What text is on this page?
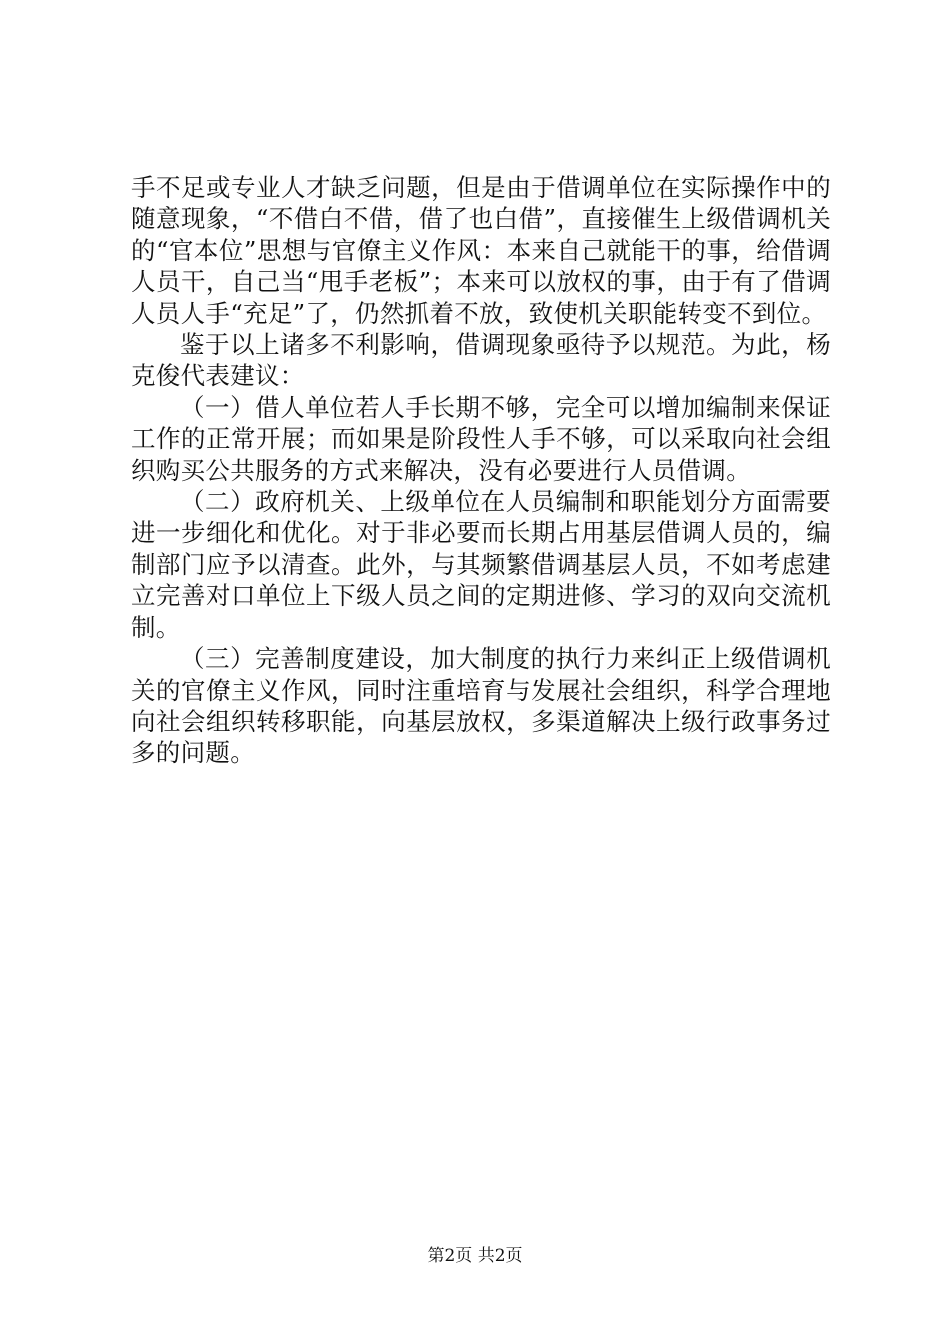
手不足或专业人才缺乏问题，但是由于借调单位在实际操作中的随意现象，“不借白不借，借了也白借”，直接催生上级借调机关的“官本位”思想与官僚主义作风：本来自己就能干的事，给借调人员干，自己当“甩手老板”；本来可以放权的事，由于有了借调人员人手“充足”了，仍然抓着不放，致使机关职能转变不到位。

鉴于以上诸多不利影响，借调现象亟待予以规范。为此，杨克俊代表建议：

（一）借人单位若人手长期不够，完全可以增加编制来保证工作的正常开展；而如果是阶段性人手不够，可以采取向社会组织购买公共服务的方式来解决，没有必要进行人员借调。

（二）政府机关、上级单位在人员编制和职能划分方面需要进一步细化和优化。对于非必要而长期占用基层借调人员的，编制部门应予以清查。此外，与其频繁借调基层人员，不如考虑建立完善对口单位上下级人员之间的定期进修、学习的双向交流机制。

（三）完善制度建设，加大制度的执行力来纠正上级借调机关的官僚主义作风，同时注重培育与发展社会组织，科学合理地向社会组织转移职能，向基层放权，多渠道解决上级行政事务过多的问题。

第2页 共2页
